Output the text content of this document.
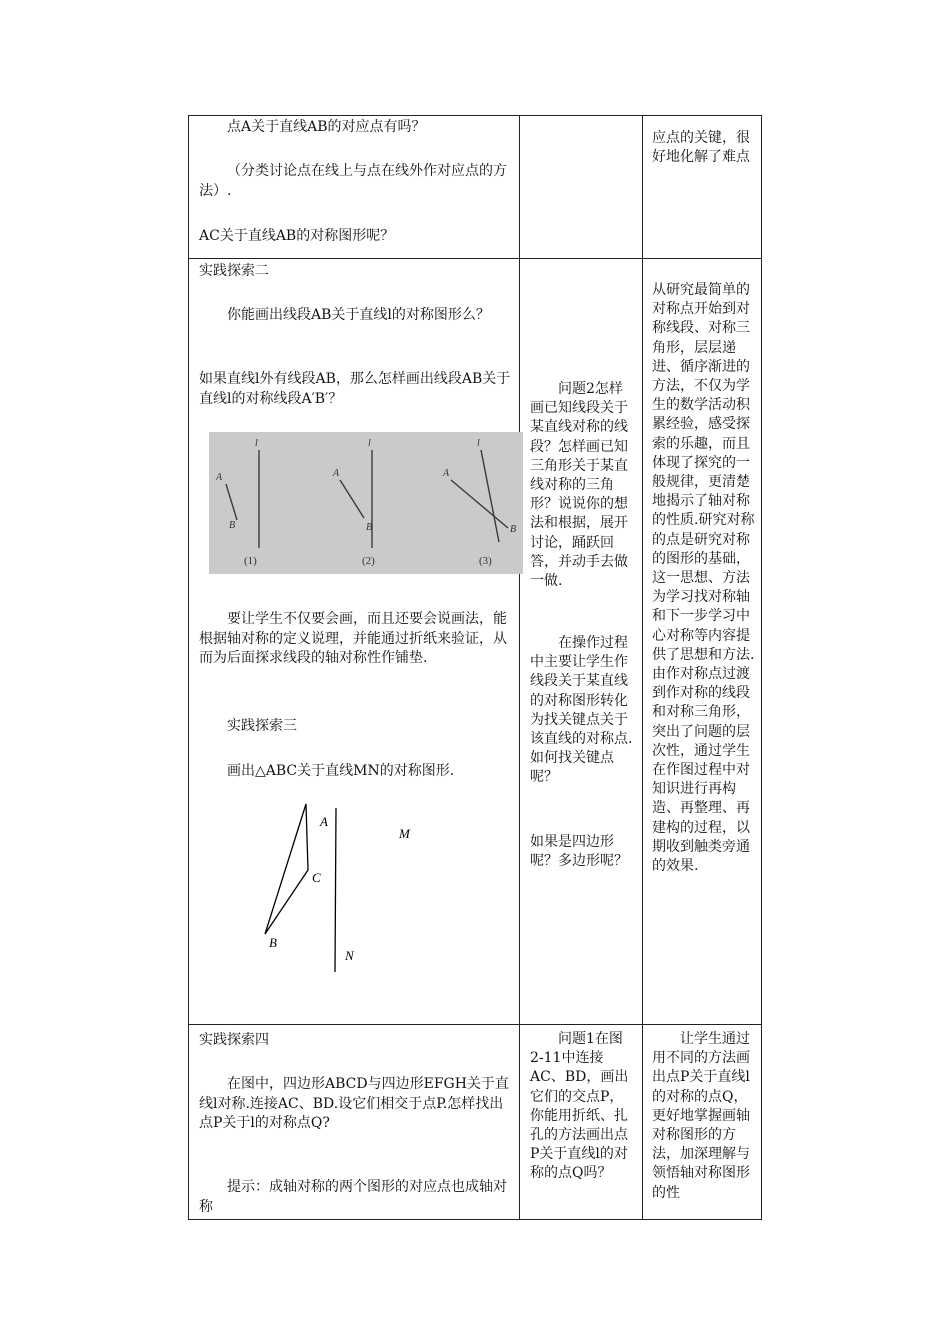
点A关于直线AB的对应点有吗？

（分类讨论点在线上与点在线外作对应点的方法）.

AC关于直线AB的对称图形呢？

应点的关键，很好地化解了难点

实践探索二

你能画出线段AB关于直线l的对称图形么？

如果直线l外有线段AB，那么怎样画出线段AB关于直线l的对称线段A′B′？

A
B
l
A
B
l
A
B
l
(1)	(2)	(3)

要让学生不仅要会画，而且还要会说画法，能根据轴对称的定义说理，并能通过折纸来验证，从而为后面探求线段的轴对称性作铺垫.

实践探索三

画出△ABC关于直线MN的对称图形.

A
C
B
M
N

问题2怎样画已知线段关于某直线对称的线段？怎样画已知三角形关于某直线对称的三角形？说说你的想法和根据，展开讨论，踊跃回答，并动手去做一做.

在操作过程中主要让学生作线段关于某直线的对称图形转化为找关键点关于该直线的对称点.如何找关键点呢？

如果是四边形呢？多边形呢？

从研究最简单的对称点开始到对称线段、对称三角形，层层递进、循序渐进的方法，不仅为学生的数学活动积累经验，感受探索的乐趣，而且体现了探究的一般规律，更清楚地揭示了轴对称的性质.研究对称的点是研究对称的图形的基础，这一思想、方法为学习找对称轴和下一步学习中心对称等内容提供了思想和方法.由作对称点过渡到作对称的线段和对称三角形，突出了问题的层次性，通过学生在作图过程中对知识进行再构造、再整理、再建构的过程，以期收到触类旁通的效果.

实践探索四

在图中，四边形ABCD与四边形EFGH关于直线l对称.连接AC、BD.设它们相交于点P.怎样找出点P关于l的对称点Q?

提示：成轴对称的两个图形的对应点也成轴对称

问题1在图2-11中连接AC、BD，画出它们的交点P，你能用折纸、扎孔的方法画出点P关于直线l的对称的点Q吗？

让学生通过用不同的方法画出点P关于直线l的对称的点Q，更好地掌握画轴对称图形的方法，加深理解与领悟轴对称图形的性
